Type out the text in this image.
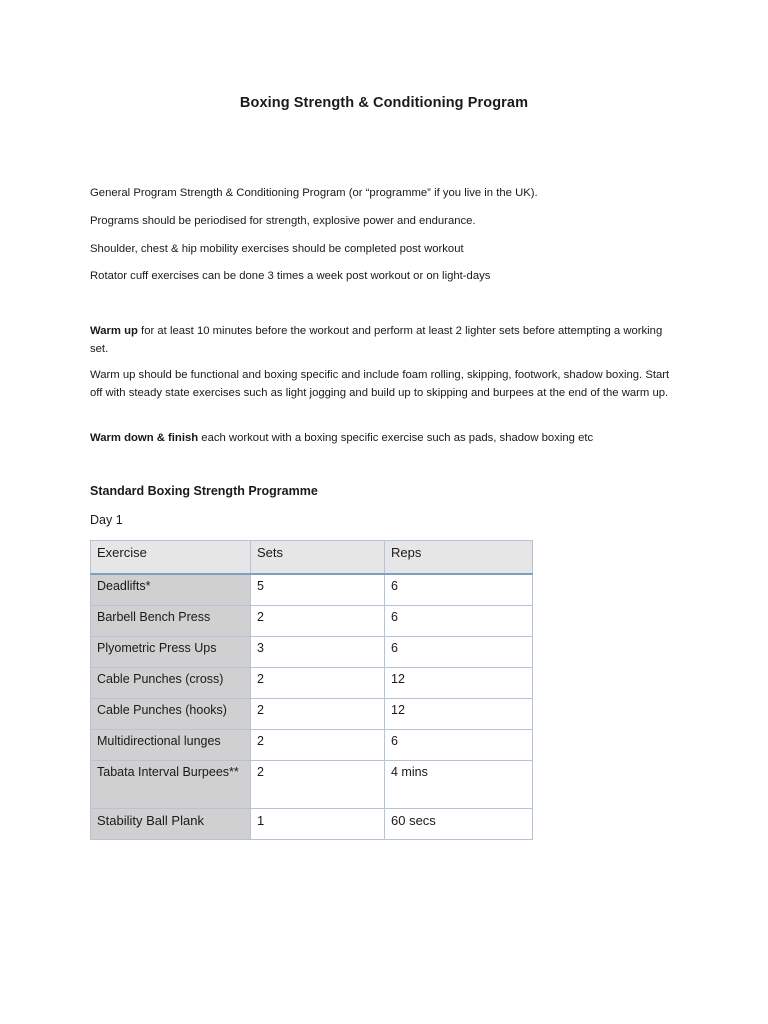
Boxing Strength & Conditioning Program
General Program Strength & Conditioning Program (or “programme” if you live in the UK).
Programs should be periodised for strength, explosive power and endurance.
Shoulder, chest & hip mobility exercises should be completed post workout
Rotator cuff exercises can be done 3 times a week post workout or on light-days
Warm up for at least 10 minutes before the workout and perform at least 2 lighter sets before attempting a working set.
Warm up should be functional and boxing specific and include foam rolling, skipping, footwork, shadow boxing. Start off with steady state exercises such as light jogging and build up to skipping and burpees at the end of the warm up.
Warm down & finish each workout with a boxing specific exercise such as pads, shadow boxing etc
Standard Boxing Strength Programme
Day 1
Exercise	Sets	Reps
Deadlifts*	5	6
Barbell Bench Press	2	6
Plyometric Press Ups	3	6
Cable Punches (cross)	2	12
Cable Punches (hooks)	2	12
Multidirectional lunges	2	6
Tabata Interval Burpees**	2	4 mins
Stability Ball Plank	1	60 secs
